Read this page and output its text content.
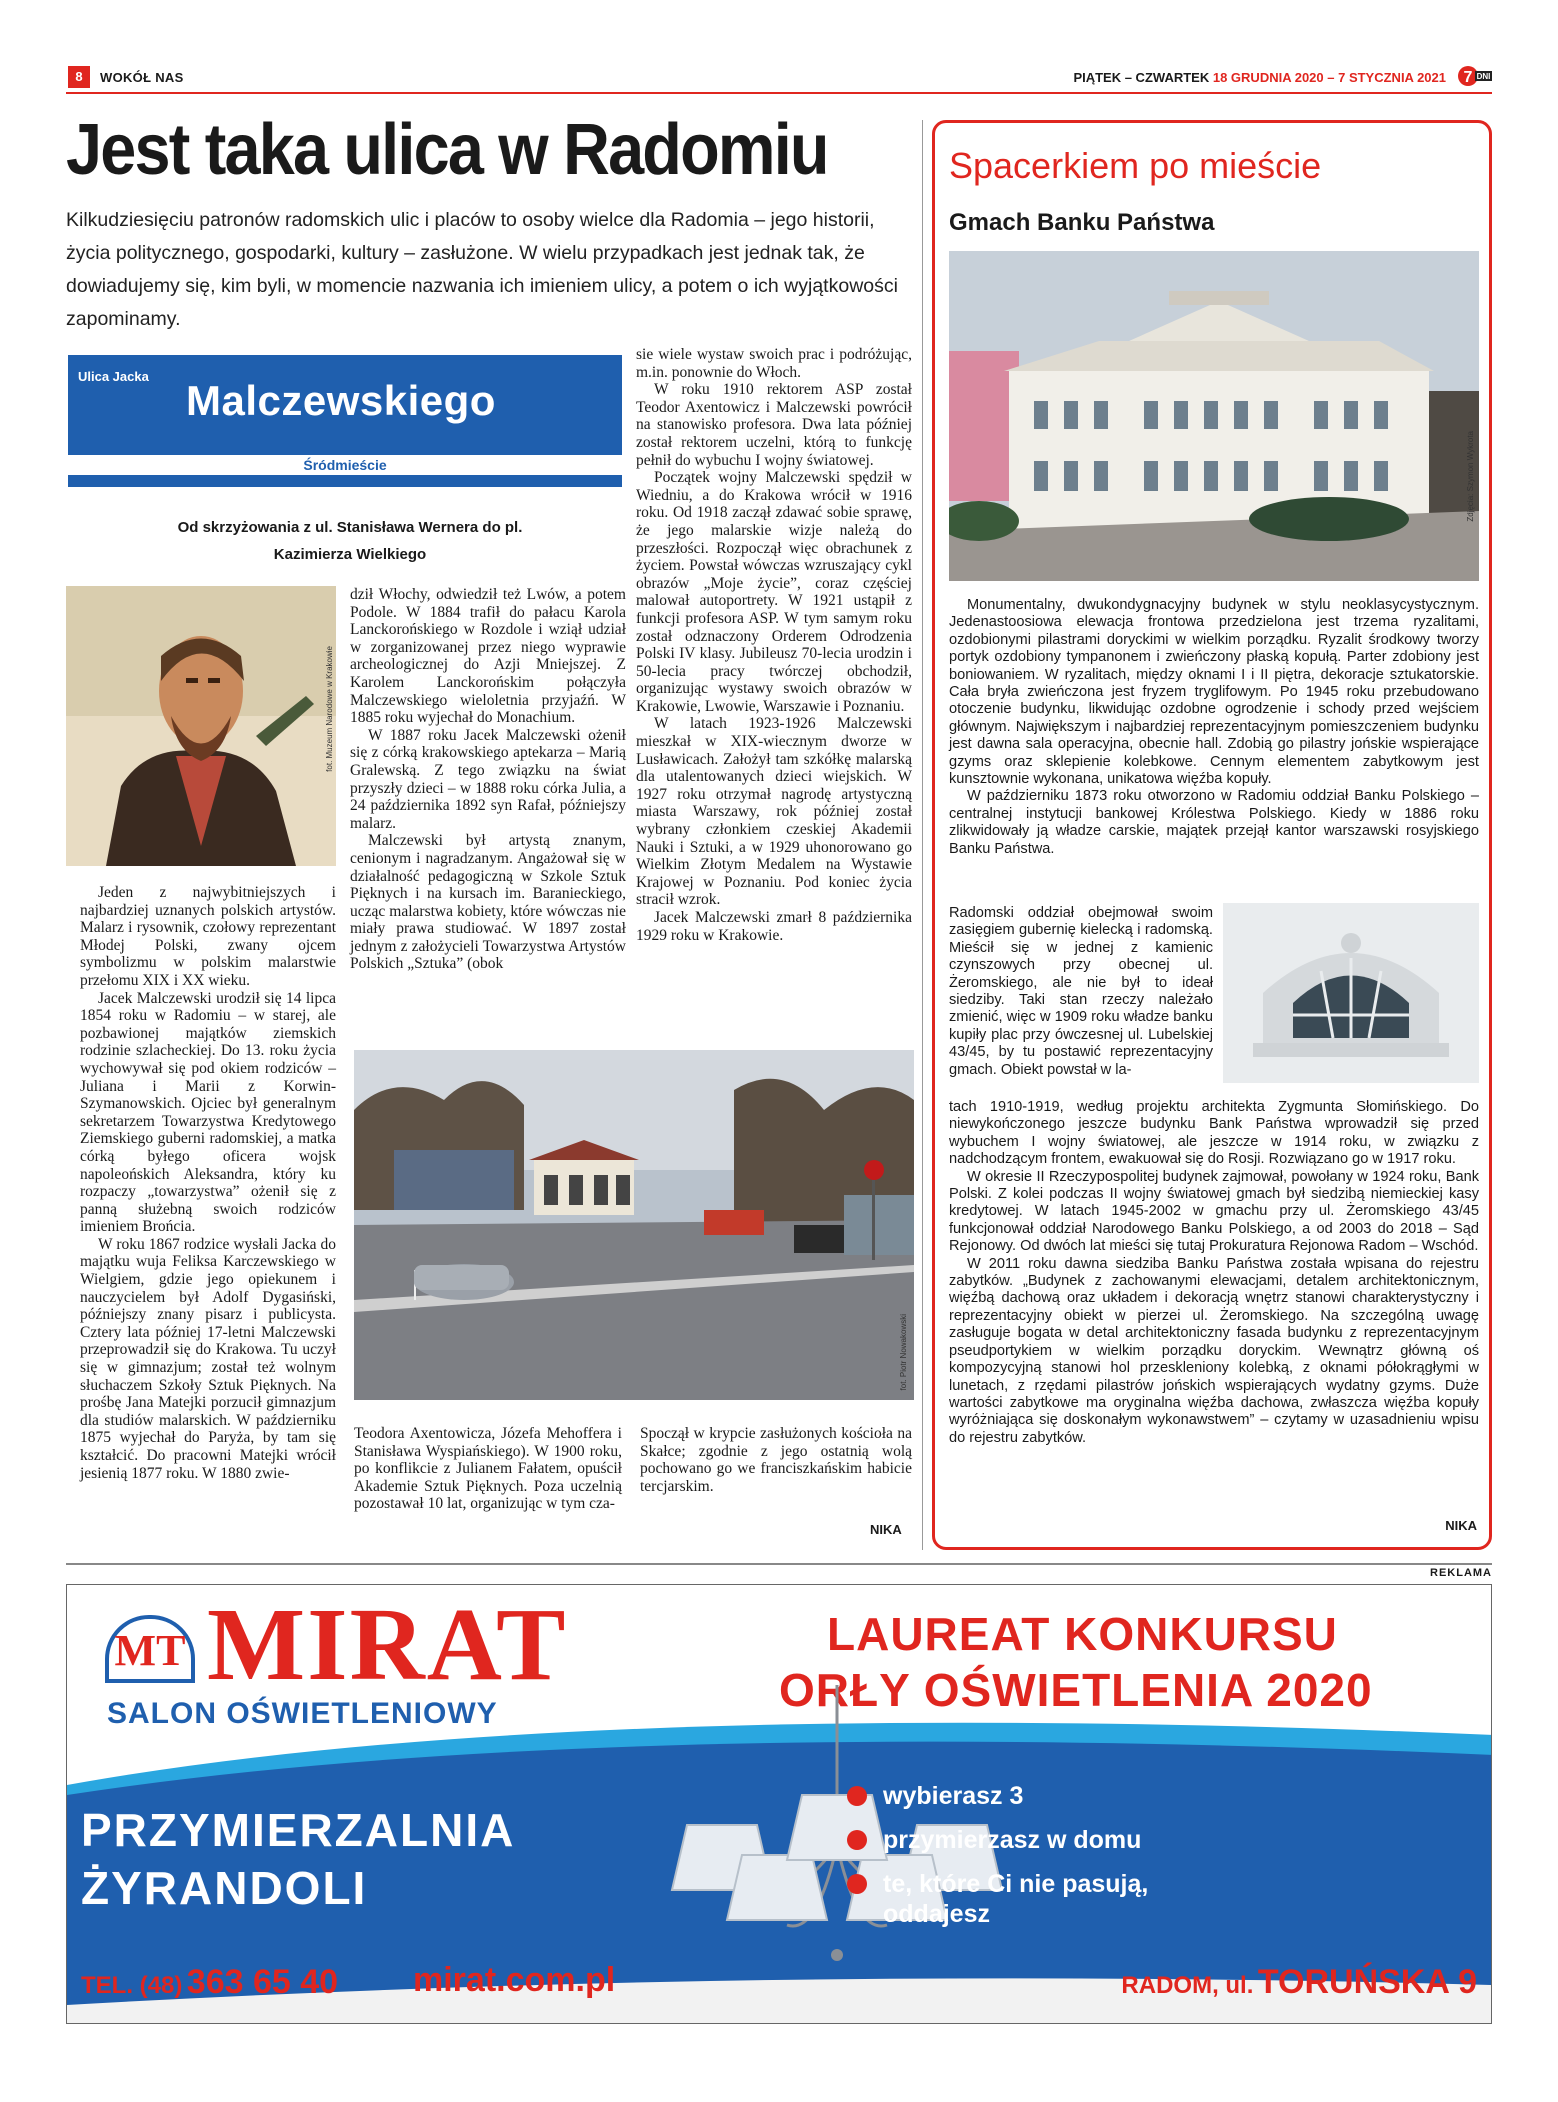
8	WOKÓŁ NAS	PIĄTEK – CZWARTEK 18 GRUDNIA 2020 – 7 STYCZNIA 2021 7 DNI
Jest taka ulica w Radomiu
Kilkudziesięciu patronów radomskich ulic i placów to osoby wielce dla Radomia – jego historii, życia politycznego, gospodarki, kultury – zasłużone. W wielu przypadkach jest jednak tak, że dowiadujemy się, kim byli, w momencie nazwania ich imieniem ulicy, a potem o ich wyjątkowości zapominamy.
Ulica Jacka
Malczewskiego
Śródmieście
Od skrzyżowania z ul. Stanisława Wernera do pl. Kazimierza Wielkiego
fot. Muzeum Narodowe w Krakowie

Jeden z najwybitniejszych i najbardziej uznanych polskich artystów. Malarz i rysownik, czołowy reprezentant Młodej Polski, zwany ojcem symbolizmu w polskim malarstwie przełomu XIX i XX wieku.

Jacek Malczewski urodził się 14 lipca 1854 roku w Radomiu – w starej, ale pozbawionej majątków ziemskich rodzinie szlacheckiej. Do 13. roku życia wychowywał się pod okiem rodziców – Juliana i Marii z Korwin-Szymanowskich. Ojciec był generalnym sekretarzem Towarzystwa Kredytowego Ziemskiego guberni radomskiej, a matka córką byłego oficera wojsk napoleońskich Aleksandra, który ku rozpaczy „towarzystwa” ożenił się z panną służebną swoich rodziców imieniem Brońcia.

W roku 1867 rodzice wysłali Jacka do majątku wuja Feliksa Karczewskiego w Wielgiem, gdzie jego opiekunem i nauczycielem był Adolf Dygasiński, późniejszy znany pisarz i publicysta. Cztery lata później 17-letni Malczewski przeprowadził się do Krakowa. Tu uczył się w gimnazjum; został też wolnym słuchaczem Szkoły Sztuk Pięknych. Na prośbę Jana Matejki porzucił gimnazjum dla studiów malarskich. W październiku 1875 wyjechał do Paryża, by tam się kształcić. Do pracowni Matejki wrócił jesienią 1877 roku. W 1880 zwie-

dził Włochy, odwiedził też Lwów, a potem Podole. W 1884 trafił do pałacu Karola Lanckorońskiego w Rozdole i wziął udział w zorganizowanej przez niego wyprawie archeologicznej do Azji Mniejszej. Z Karolem Lanckorońskim połączyła Malczewskiego wieloletnia przyjaźń. W 1885 roku wyjechał do Monachium.

W 1887 roku Jacek Malczewski ożenił się z córką krakowskiego aptekarza – Marią Gralewską. Z tego związku na świat przyszły dzieci – w 1888 roku córka Julia, a 24 października 1892 syn Rafał, późniejszy malarz.

Malczewski był artystą znanym, cenionym i nagradzanym. Angażował się w działalność pedagogiczną w Szkole Sztuk Pięknych i na kursach im. Baranieckiego, ucząc malarstwa kobiety, które wówczas nie miały prawa studiować. W 1897 został jednym z założycieli Towarzystwa Artystów Polskich „Sztuka” (obok

sie wiele wystaw swoich prac i podróżując, m.in. ponownie do Włoch.

W roku 1910 rektorem ASP został Teodor Axentowicz i Malczewski powrócił na stanowisko profesora. Dwa lata później został rektorem uczelni, którą to funkcję pełnił do wybuchu I wojny światowej.

Początek wojny Malczewski spędził w Wiedniu, a do Krakowa wrócił w 1916 roku. Od 1918 zaczął zdawać sobie sprawę, że jego malarskie wizje należą do przeszłości. Rozpoczął więc obrachunek z życiem. Powstał wówczas wzruszający cykl obrazów „Moje życie”, coraz częściej malował autoportrety. W 1921 ustąpił z funkcji profesora ASP. W tym samym roku został odznaczony Orderem Odrodzenia Polski IV klasy. Jubileusz 70-lecia urodzin i 50-lecia pracy twórczej obchodził, organizując wystawy swoich obrazów w Krakowie, Lwowie, Warszawie i Poznaniu.

W latach 1923-1926 Malczewski mieszkał w XIX-wiecznym dworze w Lusławicach. Założył tam szkółkę malarską dla utalentowanych dzieci wiejskich. W 1927 roku otrzymał nagrodę artystyczną miasta Warszawy, rok później został wybrany członkiem czeskiej Akademii Nauki i Sztuki, a w 1929 uhonorowano go Wielkim Złotym Medalem na Wystawie Krajowej w Poznaniu. Pod koniec życia stracił wzrok.

Jacek Malczewski zmarł 8 października 1929 roku w Krakowie.

fot. Piotr Nowakowski

Teodora Axentowicza, Józefa Mehoffera i Stanisława Wyspiańskiego). W 1900 roku, po konflikcie z Julianem Fałatem, opuścił Akademie Sztuk Pięknych. Poza uczelnią pozostawał 10 lat, organizując w tym cza-

Spoczął w krypcie zasłużonych kościoła na Skałce; zgodnie z jego ostatnią wolą pochowano go we franciszkańskim habicie tercjarskim.

NIKA
Spacerkiem po mieście
Gmach Banku Państwa
Zdjęcia: Szymon Wykrota

Monumentalny, dwukondygnacyjny budynek w stylu neoklasycystycznym. Jedenastoosiowa elewacja frontowa przedzielona jest trzema ryzalitami, ozdobionymi pilastrami doryckimi w wielkim porządku. Ryzalit środkowy tworzy portyk ozdobiony tympanonem i zwieńczony płaską kopułą. Parter zdobiony jest boniowaniem. W ryzalitach, między oknami I i II piętra, dekoracje sztukatorskie. Cała bryła zwieńczona jest fryzem tryglifowym. Po 1945 roku przebudowano otoczenie budynku, likwidując ozdobne ogrodzenie i schody przed wejściem głównym. Największym i najbardziej reprezentacyjnym pomieszczeniem budynku jest dawna sala operacyjna, obecnie hall. Zdobią go pilastry jońskie wspierające gzyms oraz sklepienie kolebkowe. Cennym elementem zabytkowym jest kunsztownie wykonana, unikatowa więźba kopuły.

W październiku 1873 roku otworzono w Radomiu oddział Banku Polskiego – centralnej instytucji bankowej Królestwa Polskiego. Kiedy w 1886 roku zlikwidowały ją władze carskie, majątek przejął kantor warszawski rosyjskiego Banku Państwa.

Radomski oddział obejmował swoim zasięgiem gubernię kielecką i radomską. Mieścił się w jednej z kamienic czynszowych przy obecnej ul. Żeromskiego, ale nie był to ideał siedziby. Taki stan rzeczy należało zmienić, więc w 1909 roku władze banku kupiły plac przy ówczesnej ul. Lubelskiej 43/45, by tu postawić reprezentacyjny gmach. Obiekt powstał w la-

tach 1910-1919, według projektu architekta Zygmunta Słomińskiego. Do niewykończonego jeszcze budynku Bank Państwa wprowadził się przed wybuchem I wojny światowej, ale jeszcze w 1914 roku, w związku z nadchodzącym frontem, ewakuował się do Rosji. Rozwiązano go w 1917 roku.

W okresie II Rzeczypospolitej budynek zajmował, powołany w 1924 roku, Bank Polski. Z kolei podczas II wojny światowej gmach był siedzibą niemieckiej kasy kredytowej. W latach 1945-2002 w gmachu przy ul. Żeromskiego 43/45 funkcjonował oddział Narodowego Banku Polskiego, a od 2003 do 2018 – Sąd Rejonowy. Od dwóch lat mieści się tutaj Prokuratura Rejonowa Radom – Wschód.

W 2011 roku dawna siedziba Banku Państwa została wpisana do rejestru zabytków. „Budynek z zachowanymi elewacjami, detalem architektonicznym, więźbą dachową oraz układem i dekoracją wnętrz stanowi charakterystyczny i reprezentacyjny obiekt w pierzei ul. Żeromskiego. Na szczególną uwagę zasługuje bogata w detal architektoniczny fasada budynku z reprezentacyjnym pseudportykiem w wielkim porządku doryckim. Wewnątrz główną oś kompozycyjną stanowi hol przeskleniony kolebką, z oknami półokrągłymi w lunetach, z rzędami pilastrów jońskich wspierających wydatny gzyms. Duże wartości zabytkowe ma oryginalna więźba dachowa, zwłaszcza więźba kopuły wyróżniająca się doskonałym wykonawstwem” – czytamy w uzasadnieniu wpisu do rejestru zabytków.

NIKA
REKLAMA
MT MIRAT
SALON OŚWIETLENIOWY
LAUREAT KONKURSU
ORŁY OŚWIETLENIA 2020
PRZYMIERZALNIA
ŻYRANDOLI
wybierasz 3
przymierzasz w domu
te, które Ci nie pasują, oddajesz
TEL. (48) 363 65 40 mirat.com.pl	RADOM, ul. TORUŃSKA 9
